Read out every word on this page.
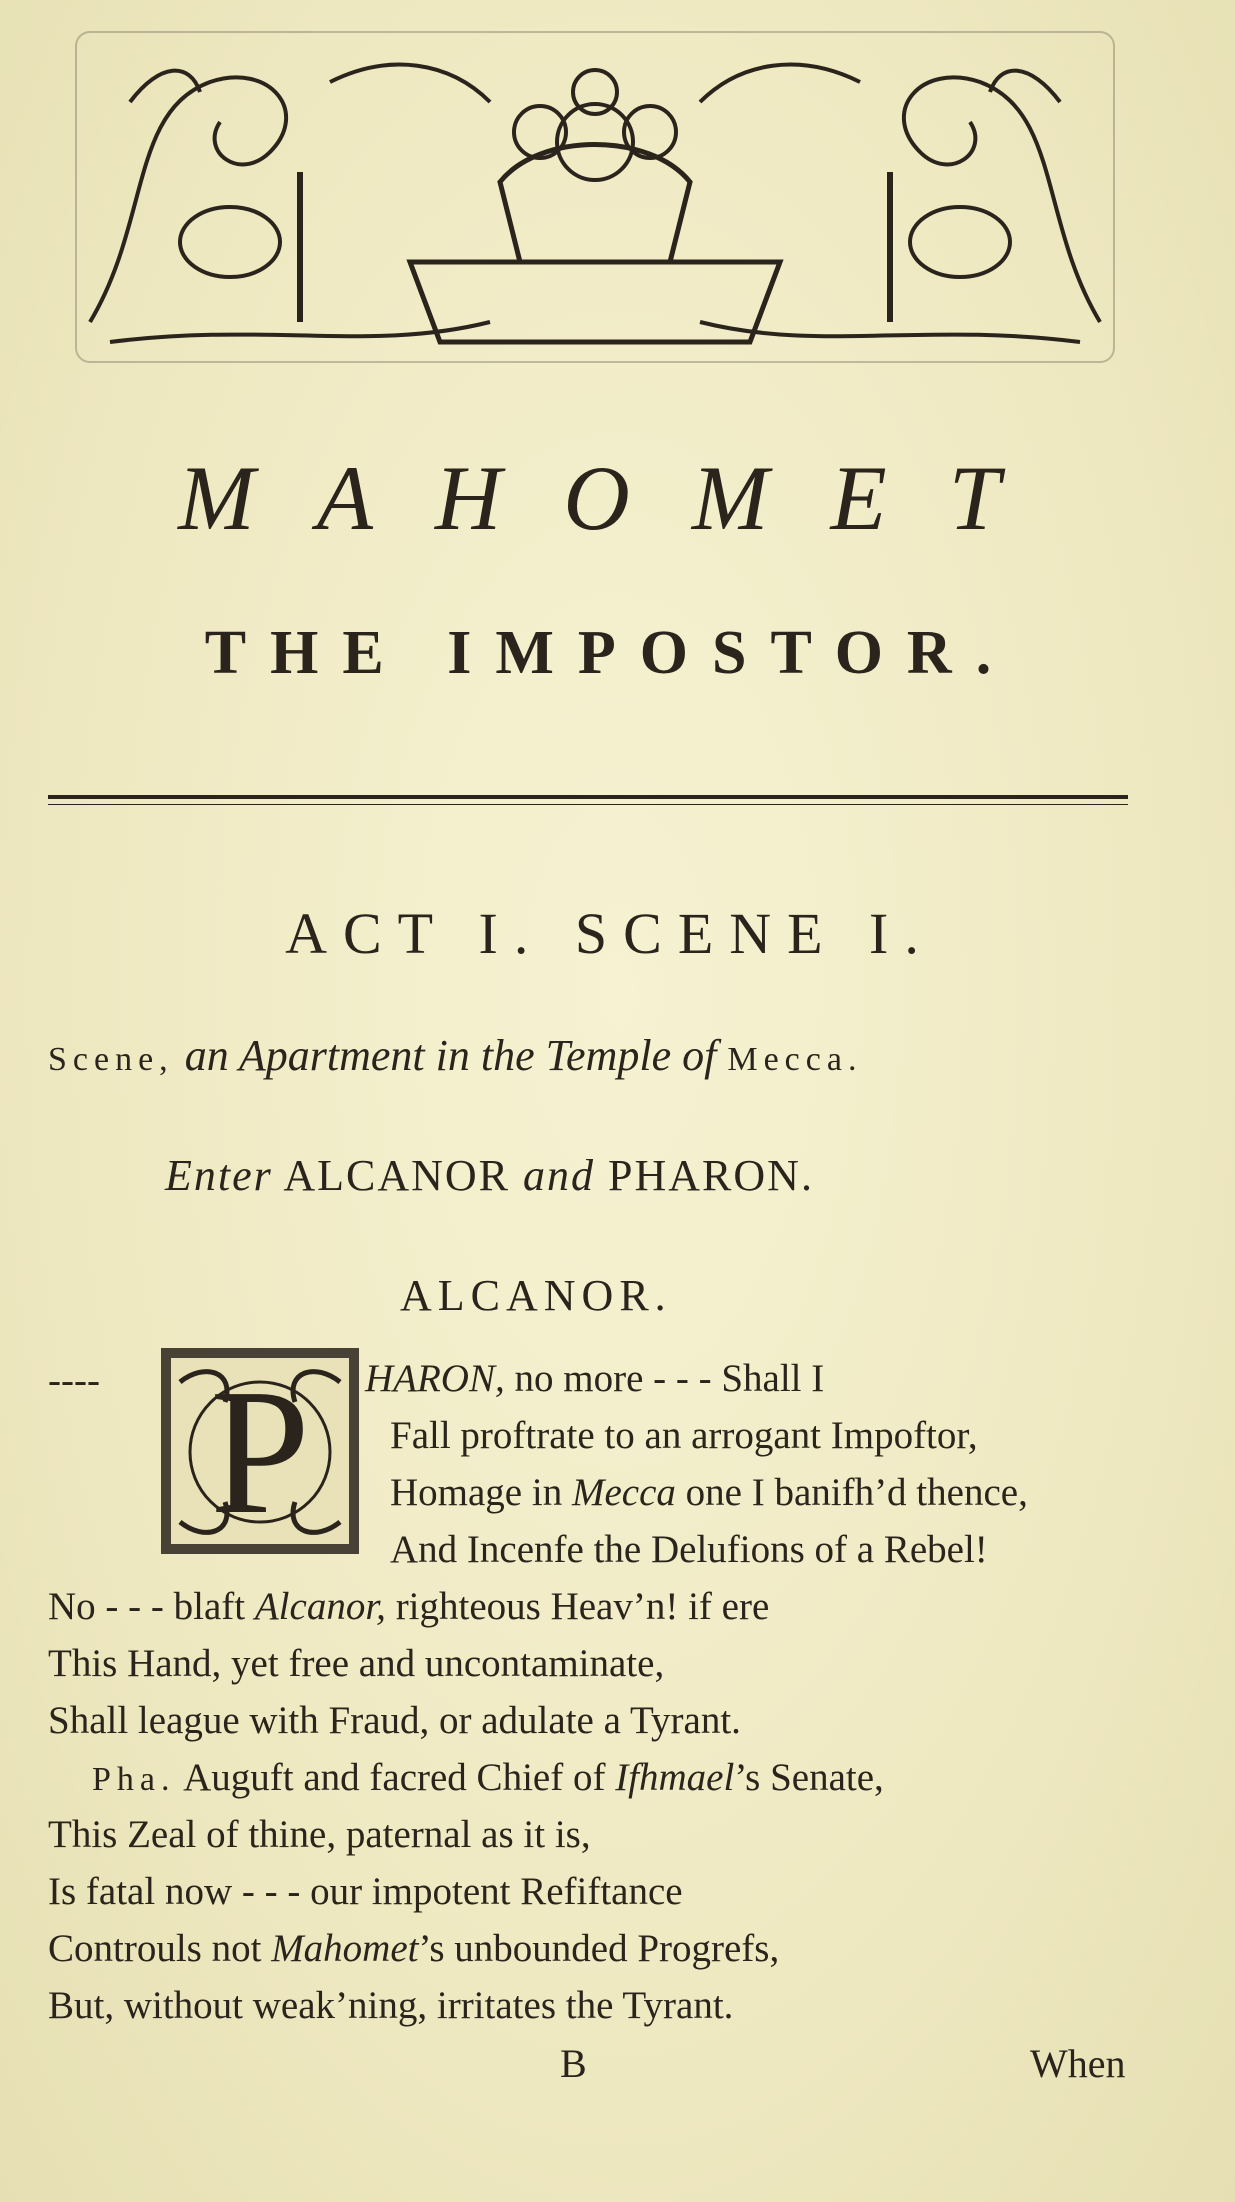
MAHOMET
THE IMPOSTOR.
ACT I. SCENE I.
Scene, an Apartment in the Temple of Mecca.
Enter ALCANOR and PHARON.
ALCANOR.
P
----	HARON, no more - - - Shall I
Fall proftrate to an arrogant Impoftor,
Homage in Mecca one I banifh’d thence,
And Incenfe the Delufions of a Rebel!
No - - - blaft Alcanor, righteous Heav’n! if ere
This Hand, yet free and uncontaminate,
Shall league with Fraud, or adulate a Tyrant.
Pha. Auguft and facred Chief of Ifhmael’s Senate,
This Zeal of thine, paternal as it is,
Is fatal now - - - our impotent Refiftance
Controuls not Mahomet’s unbounded Progrefs,
But, without weak’ning, irritates the Tyrant.
B	When
